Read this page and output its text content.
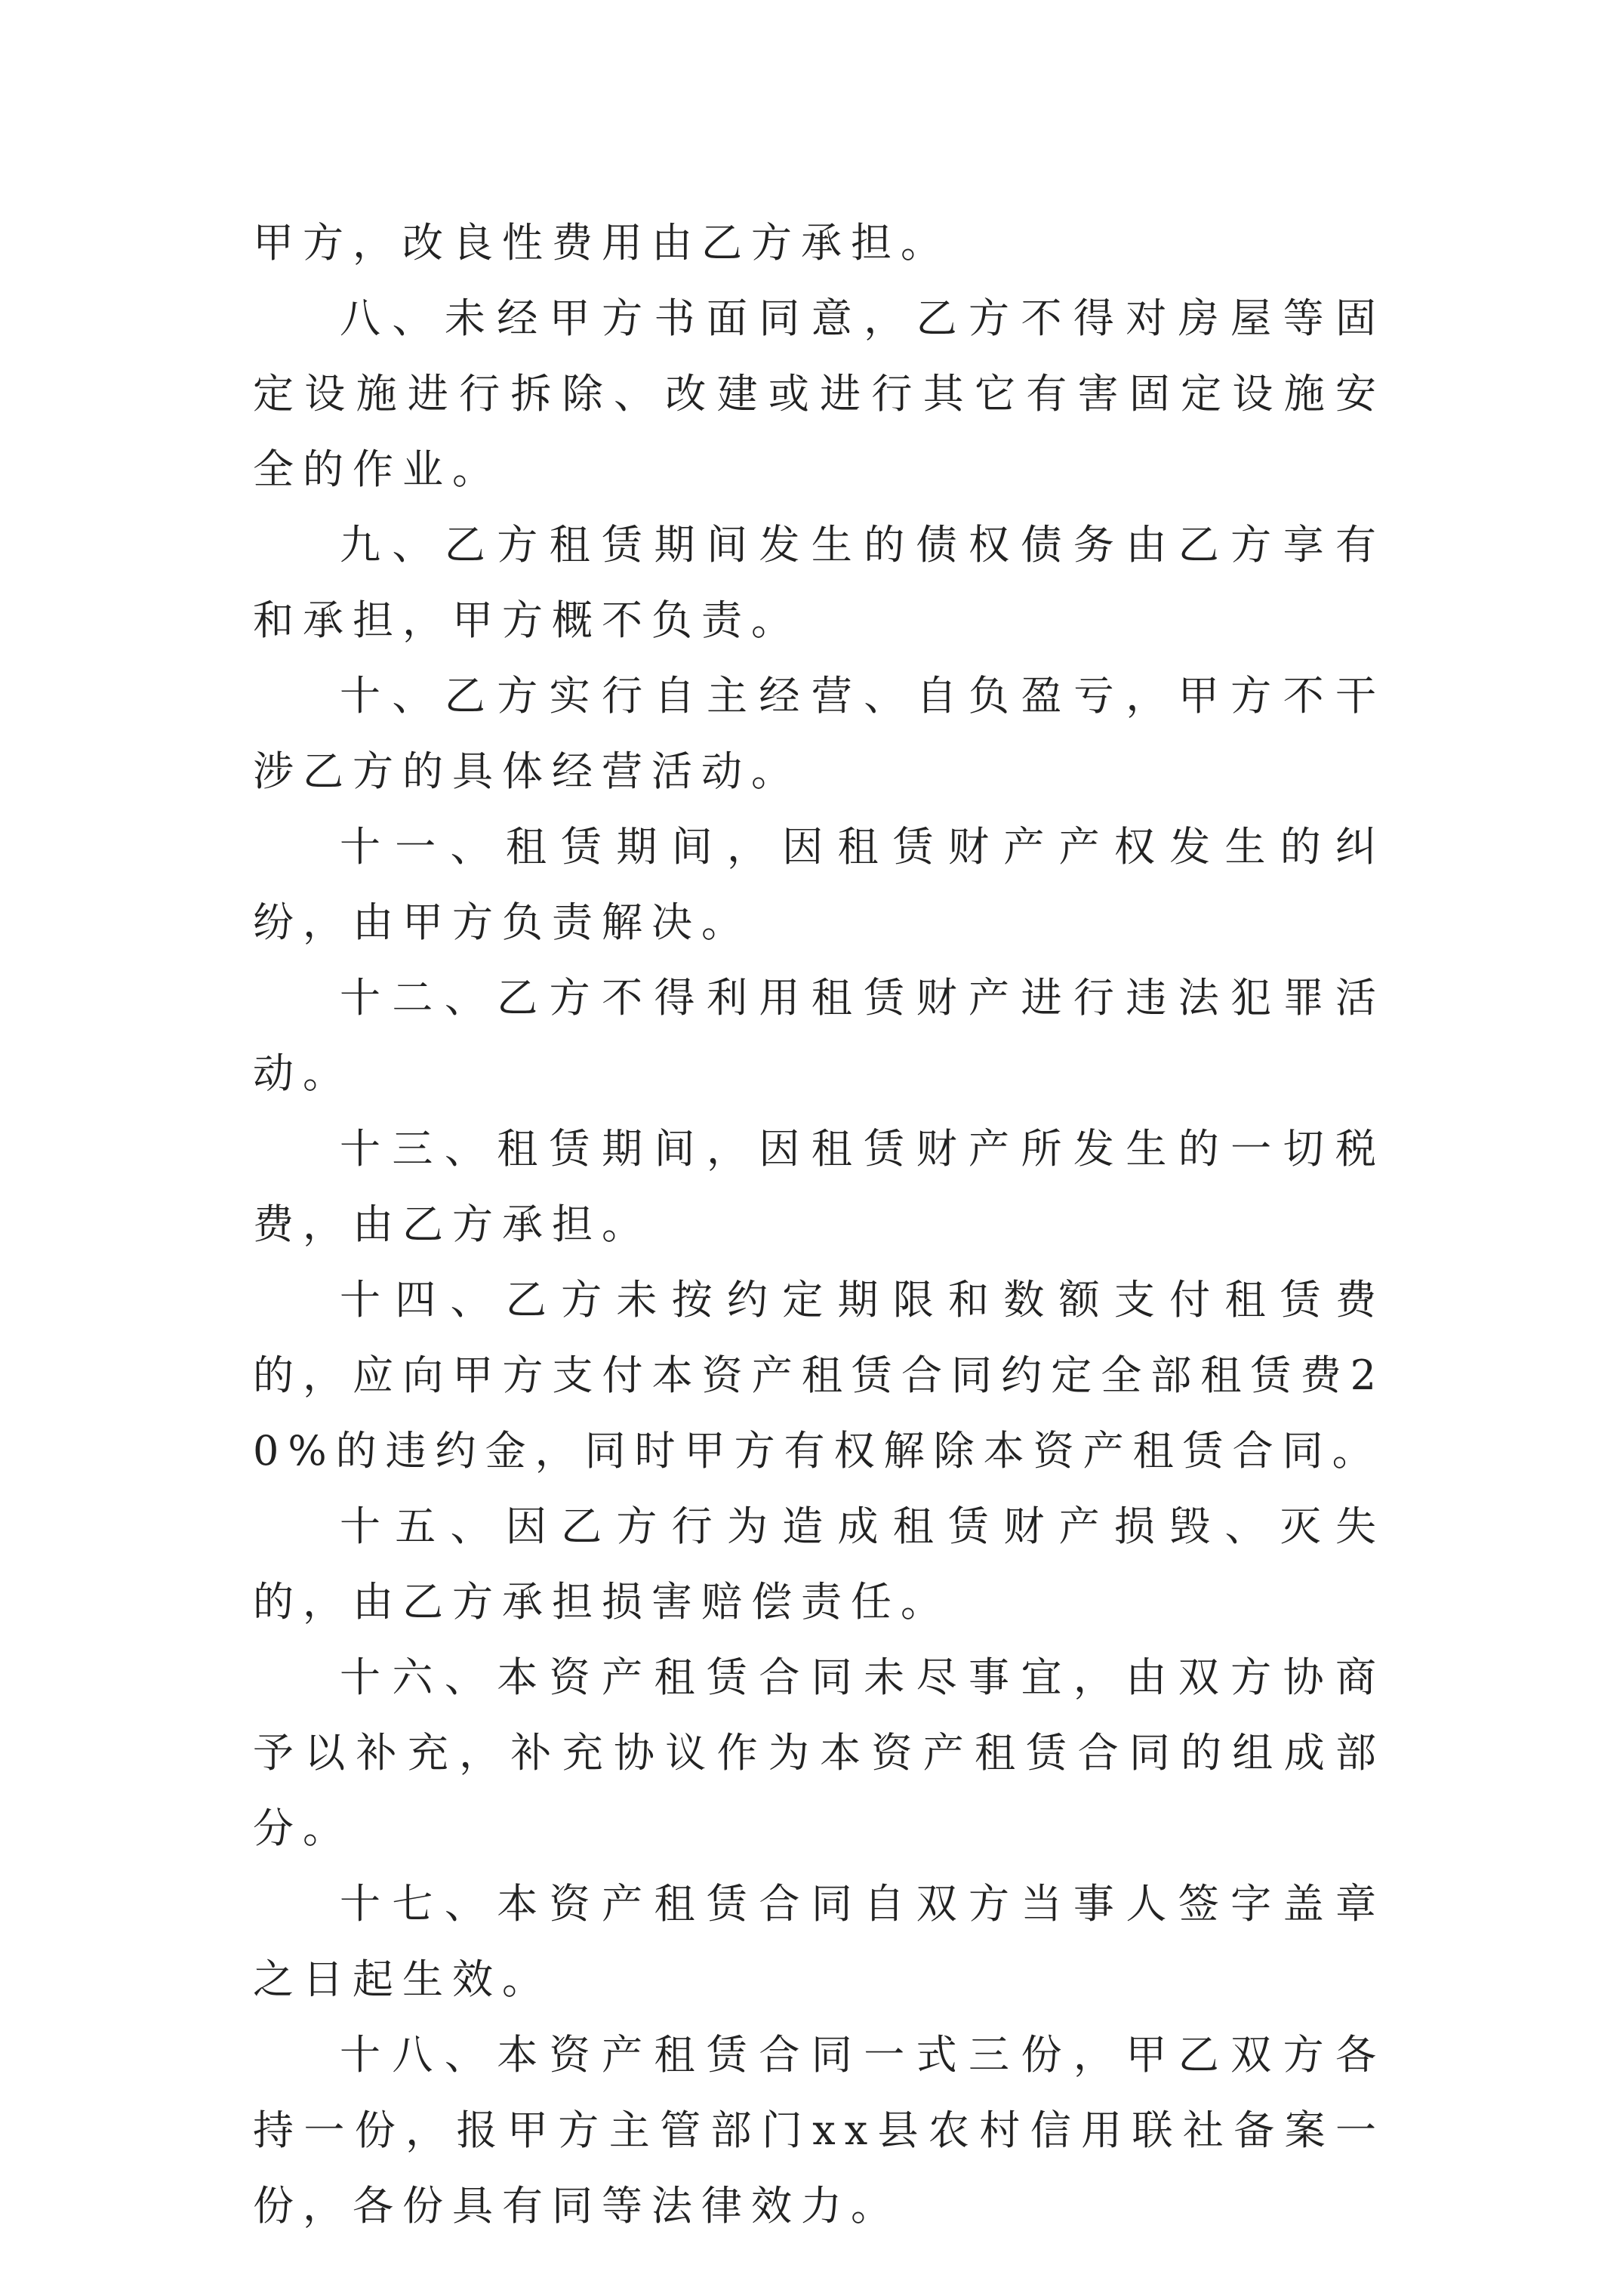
甲方，改良性费用由乙方承担。

八、未经甲方书面同意，乙方不得对房屋等固定设施进行拆除、改建或进行其它有害固定设施安全的作业。

九、乙方租赁期间发生的债权债务由乙方享有和承担，甲方概不负责。

十、乙方实行自主经营、自负盈亏，甲方不干涉乙方的具体经营活动。

十一、租赁期间，因租赁财产产权发生的纠纷，由甲方负责解决。

十二、乙方不得利用租赁财产进行违法犯罪活动。

十三、租赁期间，因租赁财产所发生的一切税费，由乙方承担。

十四、乙方未按约定期限和数额支付租赁费的，应向甲方支付本资产租赁合同约定全部租赁费20%的违约金，同时甲方有权解除本资产租赁合同。

十五、因乙方行为造成租赁财产损毁、灭失的，由乙方承担损害赔偿责任。

十六、本资产租赁合同未尽事宜，由双方协商予以补充，补充协议作为本资产租赁合同的组成部分。

十七、本资产租赁合同自双方当事人签字盖章之日起生效。

十八、本资产租赁合同一式三份，甲乙双方各持一份，报甲方主管部门xx县农村信用联社备案一份，各份具有同等法律效力。
